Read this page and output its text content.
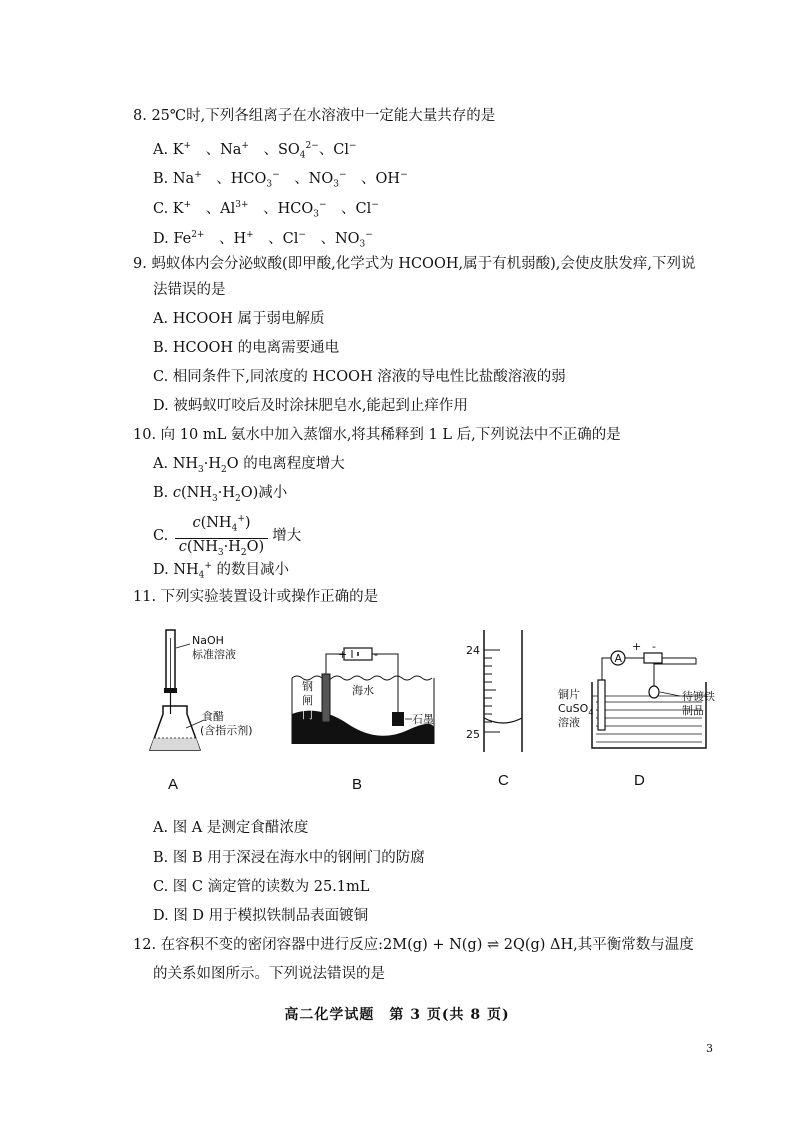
8. 25℃时,下列各组离子在水溶液中一定能大量共存的是
A. K+　 、Na+　 、$SO_4^{2-}$、Cl−
B. Na+　 、$HCO_3^-$　 、$NO_3^-$　 、OH−
C. K+　 、$Al^{3+}$　 、$HCO_3^-$　 、Cl−
D. $Fe^{2+}$　 、H+　 、Cl−　 、$NO_3^-$
9. 蚂蚁体内会分泌蚁酸(即甲酸,化学式为 HCOOH,属于有机弱酸),会使皮肤发痒,下列说
法错误的是
A. HCOOH 属于弱电解质
B. HCOOH 的电离需要通电
C. 相同条件下,同浓度的 HCOOH 溶液的导电性比盐酸溶液的弱
D. 被蚂蚁叮咬后及时涂抹肥皂水,能起到止痒作用
10. 向 10 mL 氨水中加入蒸馏水,将其稀释到 1 L 后,下列说法中不正确的是
A. $NH_3\cdot H_2O$ 的电离程度增大
B. $c(NH_3\cdot H_2O)$减小
C. $\frac{c(NH_4^+)}{c(NH_3\cdot H_2O)}$ 增大
D. $NH_4^+$ 的数目减小
11. 下列实验装置设计或操作正确的是
NaOH
标准溶液
食醋
(含指示剂)
A
+ -
钢
闸
门
海水
石墨
B
24
25
C
A
+ -
铜片
CuSO$_4$
溶液
待镀铁
制品
D
A. 图 A 是测定食醋浓度
B. 图 B 用于深浸在海水中的钢闸门的防腐
C. 图 C 滴定管的读数为 25.1mL
D. 图 D 用于模拟铁制品表面镀铜
12. 在容积不变的密闭容器中进行反应:2M(g) + N(g) ⇌ 2Q(g) ΔH,其平衡常数与温度
的关系如图所示。下列说法错误的是
高二化学试题　第 3 页(共 8 页)
3
